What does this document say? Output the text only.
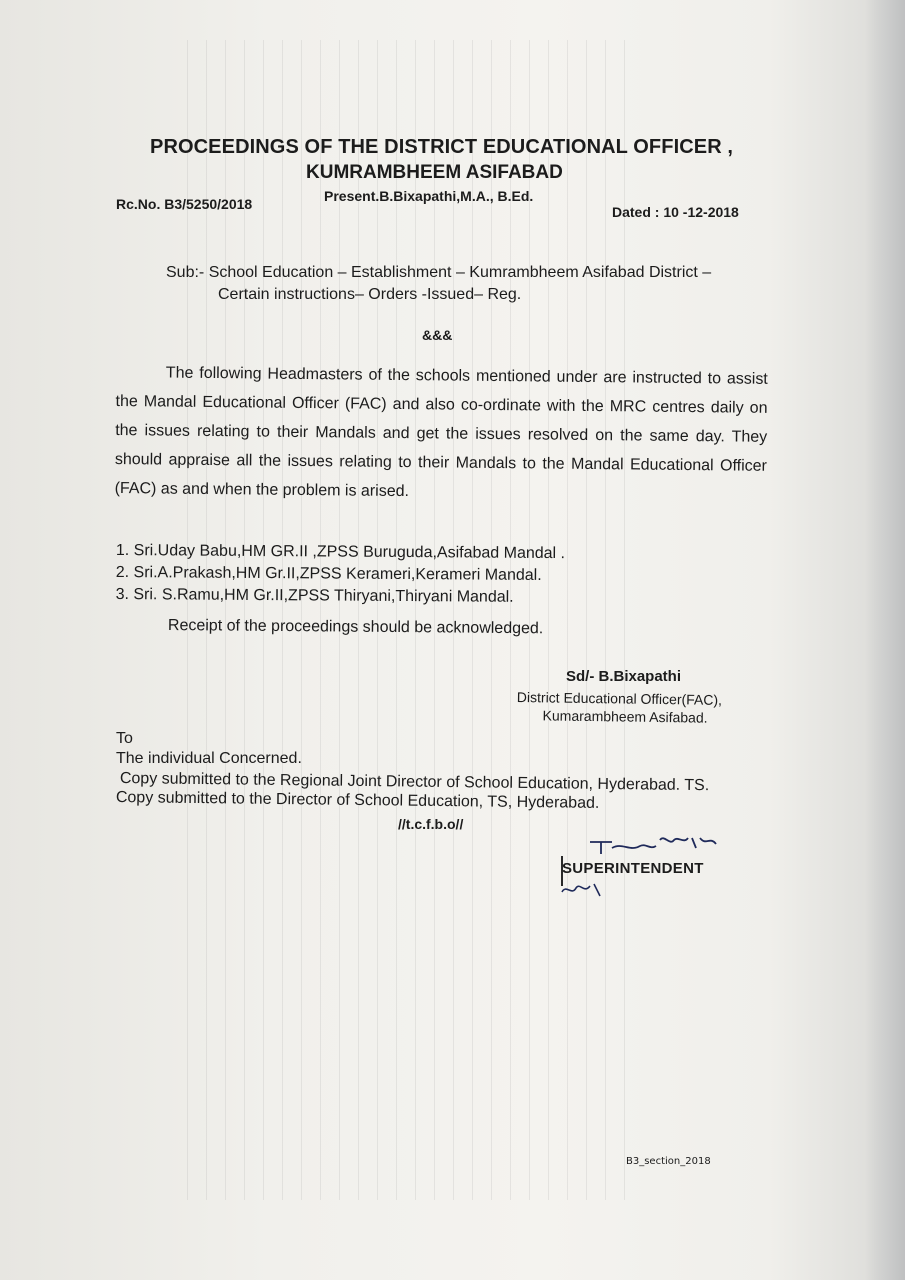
PROCEEDINGS OF THE DISTRICT EDUCATIONAL OFFICER ,
KUMRAMBHEEM ASIFABAD
Present.B.Bixapathi,M.A., B.Ed.
Rc.No. B3/5250/2018	Dated : 10 -12-2018
Sub:- School Education – Establishment – Kumrambheem Asifabad District –
Certain instructions– Orders -Issued– Reg.
&&&
The following Headmasters of the schools mentioned under are instructed to assist the Mandal Educational Officer (FAC) and also co-ordinate with the MRC centres daily on the issues relating to their Mandals and get the issues resolved on the same day. They should appraise all the issues relating to their Mandals to the Mandal Educational Officer (FAC) as and when the problem is arised.
1. Sri.Uday Babu,HM GR.II ,ZPSS Buruguda,Asifabad Mandal .
2. Sri.A.Prakash,HM Gr.II,ZPSS Kerameri,Kerameri Mandal.
3. Sri. S.Ramu,HM Gr.II,ZPSS Thiryani,Thiryani Mandal.
Receipt of the proceedings should be acknowledged.
Sd/- B.Bixapathi
District Educational Officer(FAC),
Kumarambheem Asifabad.
To
The individual Concerned.
Copy submitted to the Regional Joint Director of School Education, Hyderabad. TS.
Copy submitted to the Director of School Education, TS, Hyderabad.
//t.c.f.b.o//
SUPERINTENDENT
B3_section_2018
